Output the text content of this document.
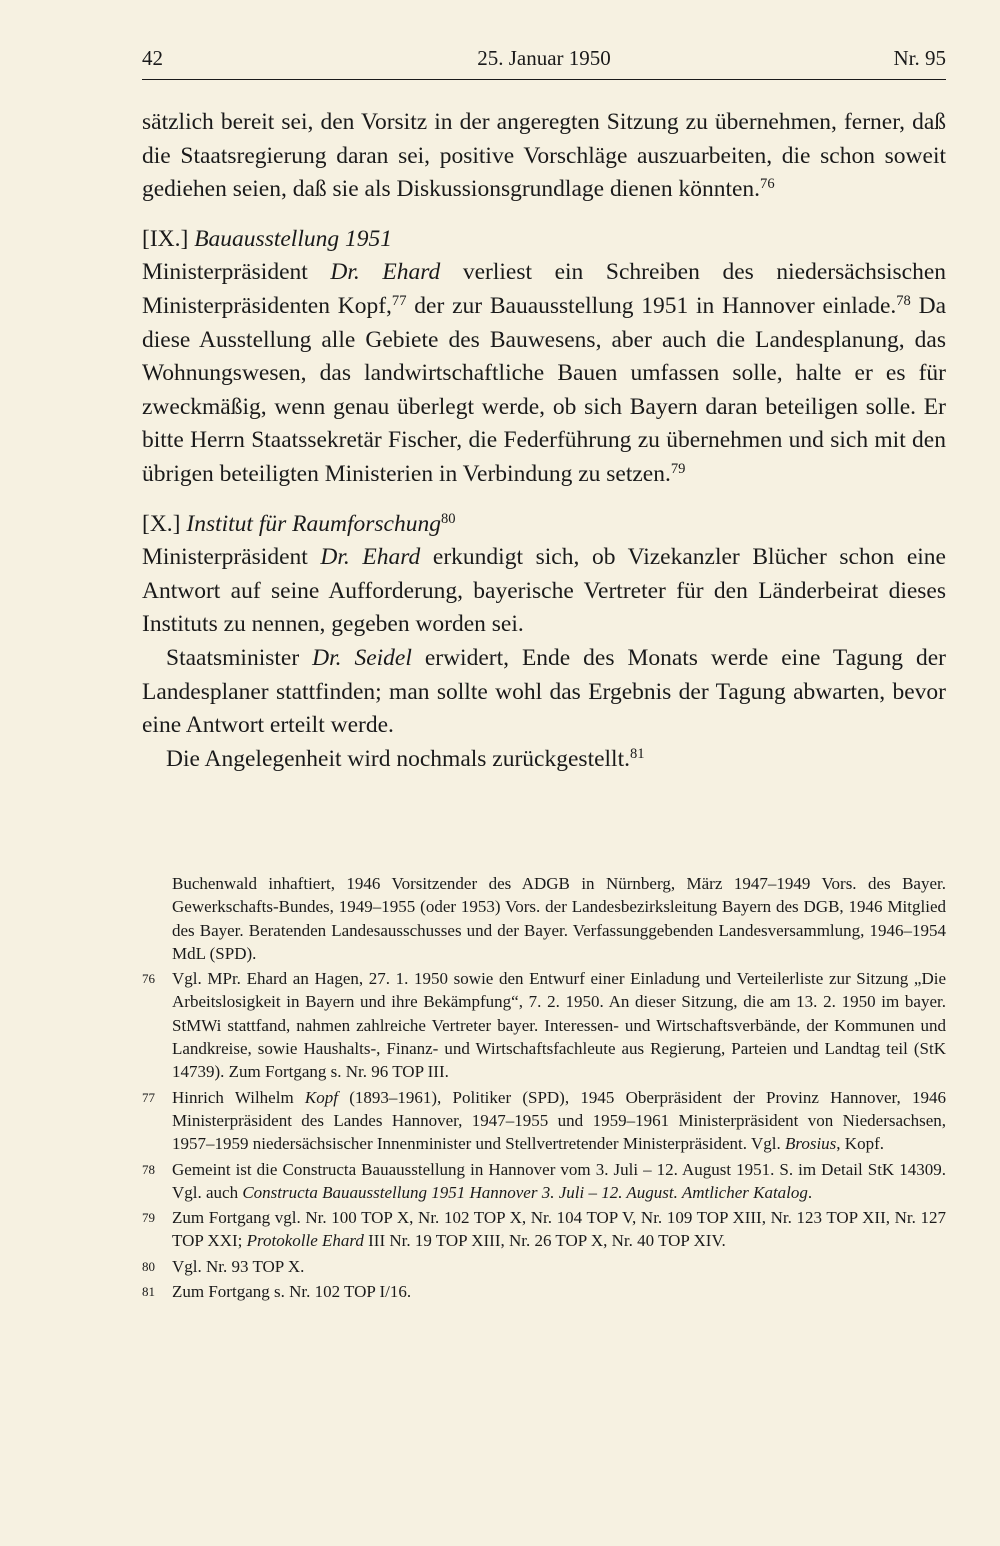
42	25. Januar 1950	Nr. 95

sätzlich bereit sei, den Vorsitz in der angeregten Sitzung zu übernehmen, ferner, daß die Staatsregierung daran sei, positive Vorschläge auszuarbeiten, die schon soweit gediehen seien, daß sie als Diskussionsgrundlage dienen könnten.$^{76}$

[IX.] Bauausstellung 1951

Ministerpräsident Dr. Ehard verliest ein Schreiben des niedersächsischen Ministerpräsidenten Kopf,$^{77}$ der zur Bauausstellung 1951 in Hannover einlade.$^{78}$ Da diese Ausstellung alle Gebiete des Bauwesens, aber auch die Landesplanung, das Wohnungswesen, das landwirtschaftliche Bauen umfassen solle, halte er es für zweckmäßig, wenn genau überlegt werde, ob sich Bayern daran beteiligen solle. Er bitte Herrn Staatssekretär Fischer, die Federführung zu übernehmen und sich mit den übrigen beteiligten Ministerien in Verbindung zu setzen.$^{79}$

[X.] Institut für Raumforschung$^{80}$

Ministerpräsident Dr. Ehard erkundigt sich, ob Vizekanzler Blücher schon eine Antwort auf seine Aufforderung, bayerische Vertreter für den Länderbeirat dieses Instituts zu nennen, gegeben worden sei.

Staatsminister Dr. Seidel erwidert, Ende des Monats werde eine Tagung der Landesplaner stattfinden; man sollte wohl das Ergebnis der Tagung abwarten, bevor eine Antwort erteilt werde.

Die Angelegenheit wird nochmals zurückgestellt.$^{81}$

Buchenwald inhaftiert, 1946 Vorsitzender des ADGB in Nürnberg, März 1947–1949 Vors. des Bayer. Gewerkschafts-Bundes, 1949–1955 (oder 1953) Vors. der Landesbezirksleitung Bayern des DGB, 1946 Mitglied des Bayer. Beratenden Landesausschusses und der Bayer. Verfassunggebenden Landesversammlung, 1946–1954 MdL (SPD).

76 Vgl. MPr. Ehard an Hagen, 27. 1. 1950 sowie den Entwurf einer Einladung und Verteilerliste zur Sitzung „Die Arbeitslosigkeit in Bayern und ihre Bekämpfung“, 7. 2. 1950. An dieser Sitzung, die am 13. 2. 1950 im bayer. StMWi stattfand, nahmen zahlreiche Vertreter bayer. Interessen- und Wirtschaftsverbände, der Kommunen und Landkreise, sowie Haushalts-, Finanz- und Wirtschaftsfachleute aus Regierung, Parteien und Landtag teil (StK 14739). Zum Fortgang s. Nr. 96 TOP III.

77 Hinrich Wilhelm Kopf (1893–1961), Politiker (SPD), 1945 Oberpräsident der Provinz Hannover, 1946 Ministerpräsident des Landes Hannover, 1947–1955 und 1959–1961 Ministerpräsident von Niedersachsen, 1957–1959 niedersächsischer Innenminister und Stellvertretender Ministerpräsident. Vgl. Brosius, Kopf.

78 Gemeint ist die Constructa Bauausstellung in Hannover vom 3. Juli – 12. August 1951. S. im Detail StK 14309. Vgl. auch Constructa Bauausstellung 1951 Hannover 3. Juli – 12. August. Amtlicher Katalog.

79 Zum Fortgang vgl. Nr. 100 TOP X, Nr. 102 TOP X, Nr. 104 TOP V, Nr. 109 TOP XIII, Nr. 123 TOP XII, Nr. 127 TOP XXI; Protokolle Ehard III Nr. 19 TOP XIII, Nr. 26 TOP X, Nr. 40 TOP XIV.

80 Vgl. Nr. 93 TOP X.

81 Zum Fortgang s. Nr. 102 TOP I/16.
